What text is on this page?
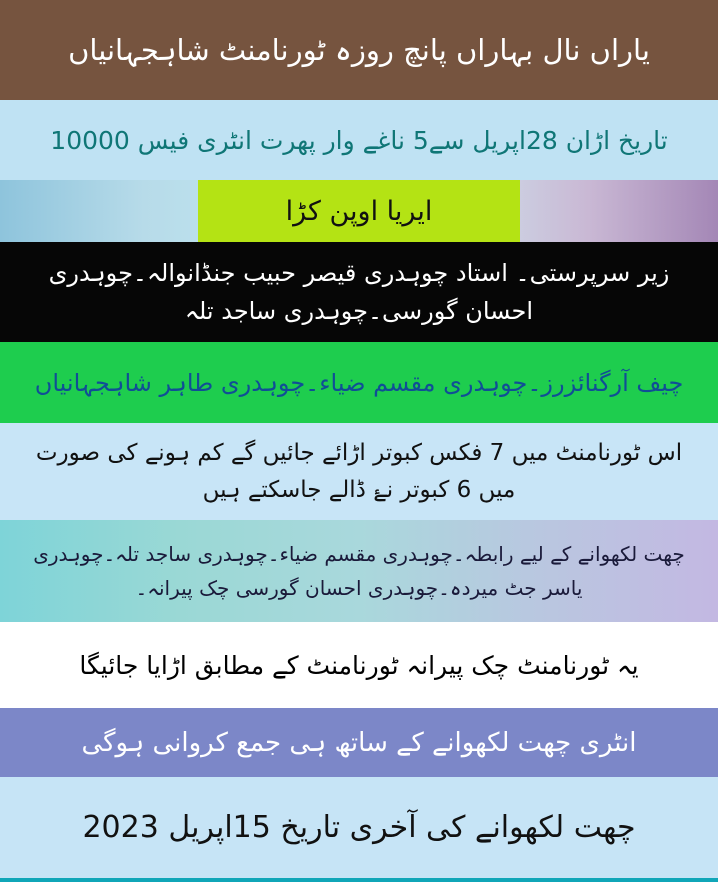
یاراں نال بہاراں پانچ روزہ ٹورنامنٹ شاہجہانیاں
تاریخ اڑان 28اپریل سے5 ناغے وار پھرت انٹری فیس 10000
ایریا اوپن کڑا
زیر سرپرستی۔ استاد چوہدری قیصر حبیب جنڈانوالہ۔چوہدری احسان گورسی۔چوہدری ساجد تلہ
چیف آرگنائزرز۔چوہدری مقسم ضیاء۔چوہدری طاہر شاہجہانیاں
اس ٹورنامنٹ میں 7 فکس کبوتر اڑائے جائیں گے کم ہونے کی صورت میں 6 کبوتر نۓ ڈالے جاسکتے ہیں
چھت لکھوانے کے لیے رابطہ۔چوہدری مقسم ضیاء۔چوہدری ساجد تلہ۔چوہدری یاسر جٹ میردہ۔چوہدری احسان گورسی چک پیرانہ۔
یہ ٹورنامنٹ چک پیرانہ ٹورنامنٹ کے مطابق اڑایا جائیگا
انٹری چھت لکھوانے کے ساتھ ہی جمع کروانی ہوگی
چھت لکھوانے کی آخری تاریخ 15اپریل 2023
